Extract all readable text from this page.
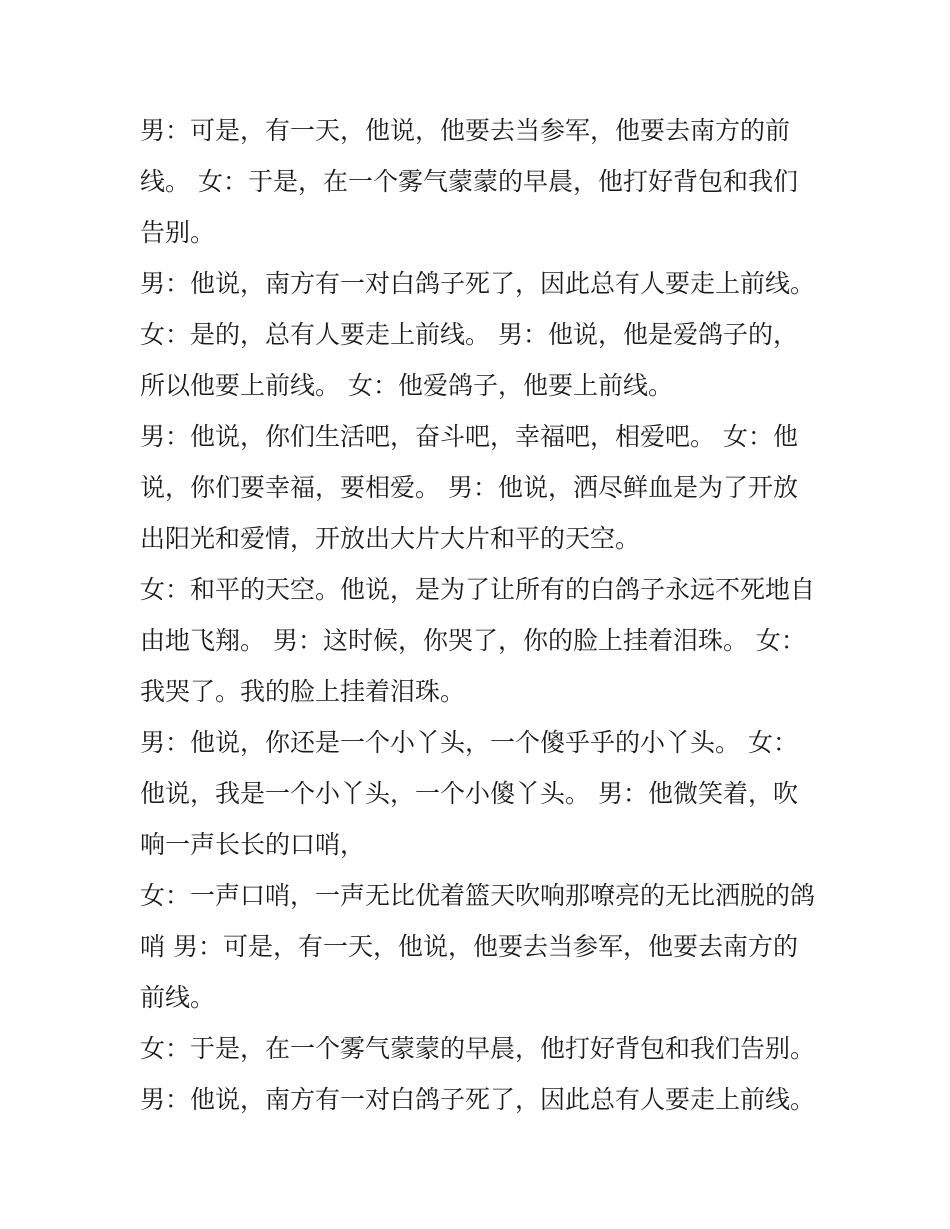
男：可是，有一天，他说，他要去当参军，他要去南方的前
线。 女：于是，在一个雾气蒙蒙的早晨，他打好背包和我们
告别。
男：他说，南方有一对白鸽子死了，因此总有人要走上前线。
女：是的，总有人要走上前线。 男：他说，他是爱鸽子的，
所以他要上前线。 女：他爱鸽子，他要上前线。
男：他说，你们生活吧，奋斗吧，幸福吧，相爱吧。 女：他
说，你们要幸福，要相爱。 男：他说，洒尽鲜血是为了开放
出阳光和爱情，开放出大片大片和平的天空。
女：和平的天空。他说，是为了让所有的白鸽子永远不死地自
由地飞翔。 男：这时候，你哭了，你的脸上挂着泪珠。 女：
我哭了。我的脸上挂着泪珠。
男：他说，你还是一个小丫头，一个傻乎乎的小丫头。 女：
他说，我是一个小丫头，一个小傻丫头。 男：他微笑着，吹
响一声长长的口哨，
女：一声口哨，一声无比优着篮天吹响那嘹亮的无比洒脱的鸽
哨 男：可是，有一天，他说，他要去当参军，他要去南方的
前线。
女：于是，在一个雾气蒙蒙的早晨，他打好背包和我们告别。
男：他说，南方有一对白鸽子死了，因此总有人要走上前线。
